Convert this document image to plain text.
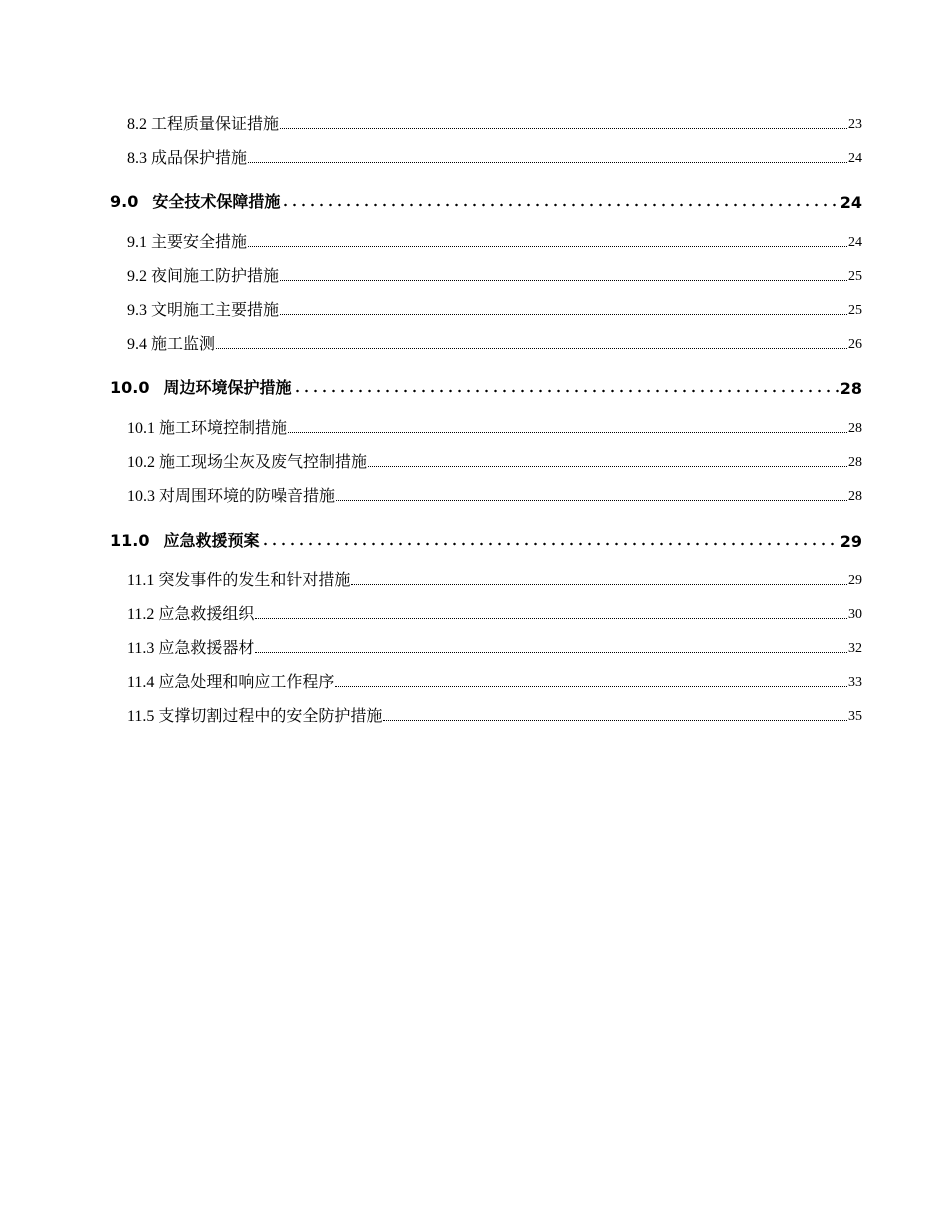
8.2 工程质量保证措施	23
8.3 成品保护措施	24
9.0 安全技术保障措施	24
9.1 主要安全措施	24
9.2 夜间施工防护措施	25
9.3 文明施工主要措施	25
9.4 施工监测	26
10.0 周边环境保护措施	28
10.1 施工环境控制措施	28
10.2 施工现场尘灰及废气控制措施	28
10.3 对周围环境的防噪音措施	28
11.0 应急救援预案	29
11.1 突发事件的发生和针对措施	29
11.2 应急救援组织	30
11.3 应急救援器材	32
11.4 应急处理和响应工作程序	33
11.5 支撑切割过程中的安全防护措施	35
